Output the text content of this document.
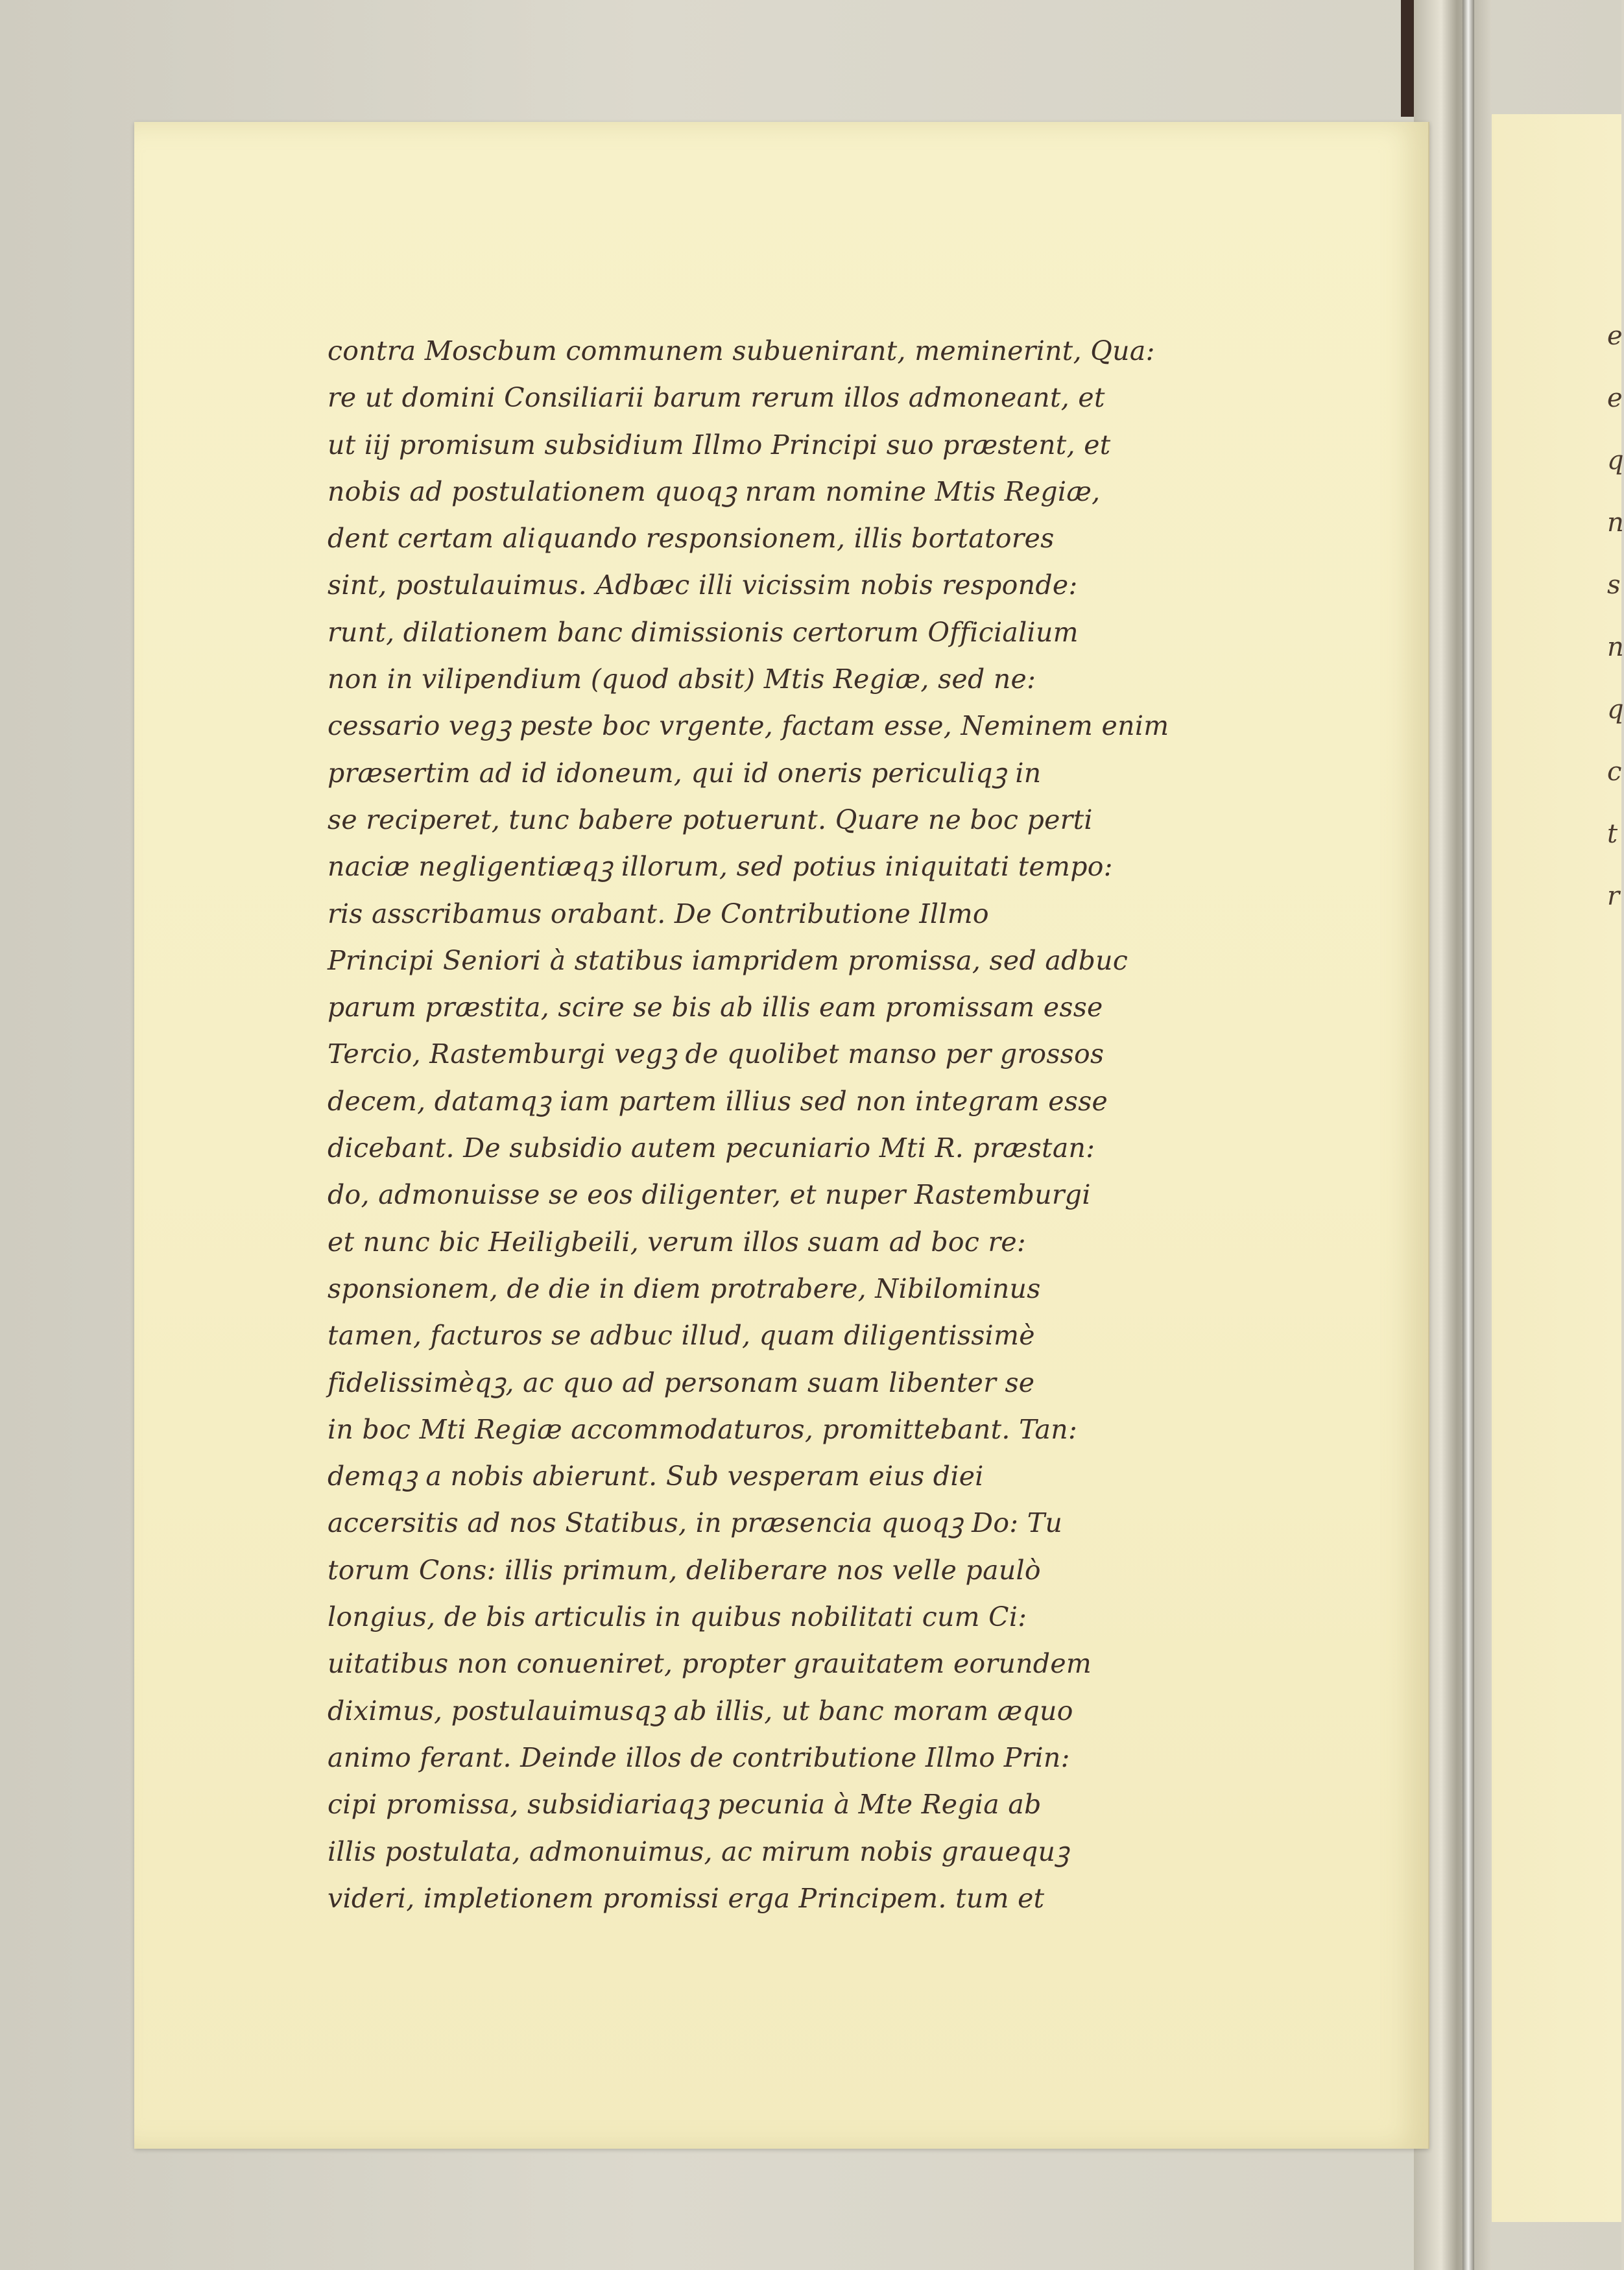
contra Moscbum communem subuenirant, meminerint, Qua:
re ut domini Consiliarii barum rerum illos admoneant, et
ut iij promisum subsidium Illmo Principi suo præstent, et
nobis ad postulationem quoqꝫ nram nomine Mtis Regiæ,
dent certam aliquando responsionem, illis bortatores
sint, postulauimus. Adbæc illi vicissim nobis responde:
runt, dilationem banc dimissionis certorum Officialium
non in vilipendium (quod absit) Mtis Regiæ, sed ne:
cessario vegꝫ peste boc vrgente, factam esse, Neminem enim
præsertim ad id idoneum, qui id oneris periculiqꝫ in
se reciperet, tunc babere potuerunt. Quare ne boc perti
naciæ negligentiæqꝫ illorum, sed potius iniquitati tempo:
ris asscribamus orabant. De Contributione Illmo
Principi Seniori à statibus iampridem promissa, sed adbuc
parum præstita, scire se bis ab illis eam promissam esse
Tercio, Rastemburgi vegꝫ de quolibet manso per grossos
decem, datamqꝫ iam partem illius sed non integram esse
dicebant. De subsidio autem pecuniario Mti R. præstan:
do, admonuisse se eos diligenter, et nuper Rastemburgi
et nunc bic Heiligbeili, verum illos suam ad boc re:
sponsionem, de die in diem protrabere, Nibilominus
tamen, facturos se adbuc illud, quam diligentissimè
fidelissimèqꝫ, ac quo ad personam suam libenter se
in boc Mti Regiæ accommodaturos, promittebant. Tan:
demqꝫ a nobis abierunt. Sub vesperam eius diei
accersitis ad nos Statibus, in præsencia quoqꝫ Do: Tu
torum Cons: illis primum, deliberare nos velle paulò
longius, de bis articulis in quibus nobilitati cum Ci:
uitatibus non conueniret, propter grauitatem eorundem
diximus, postulauimusqꝫ ab illis, ut banc moram æquo
animo ferant. Deinde illos de contributione Illmo Prin:
cipi promissa, subsidiariaqꝫ pecunia à Mte Regia ab
illis postulata, admonuimus, ac mirum nobis grauequꝫ
videri, impletionem promissi erga Principem. tum et
e
e
q
n
s
n
q
c
t
r
